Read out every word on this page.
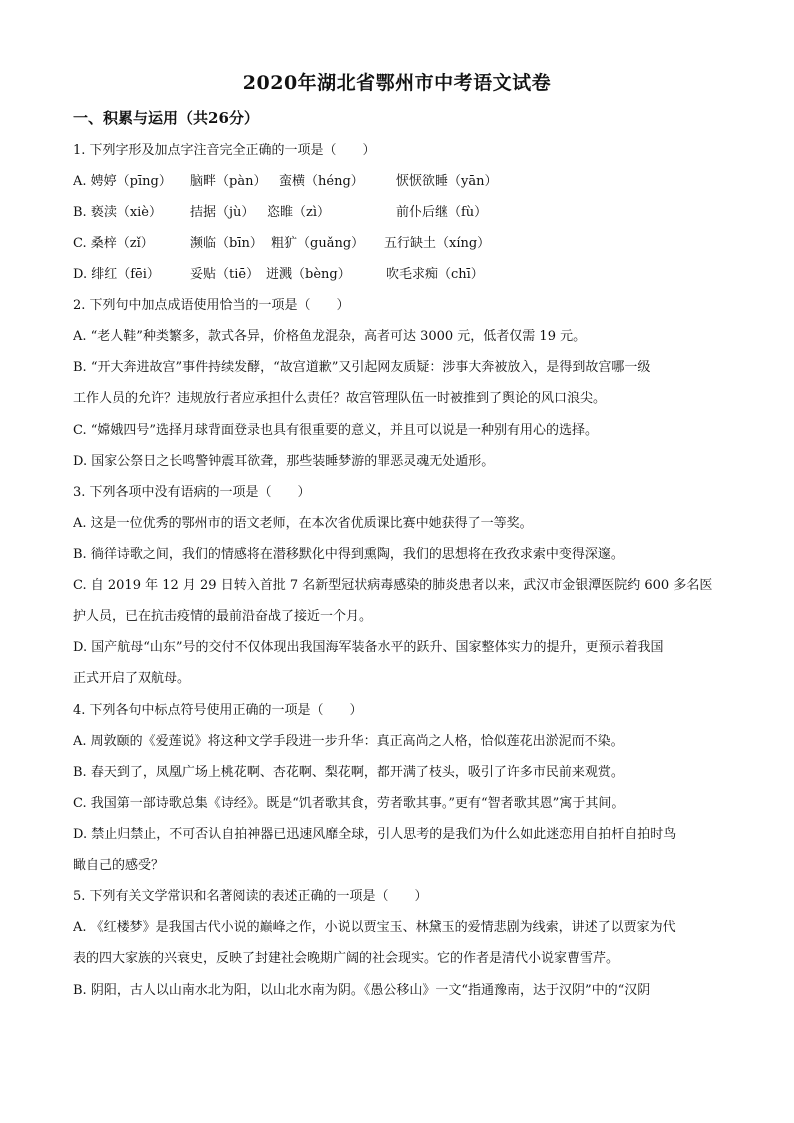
2020年湖北省鄂州市中考语文试卷
一、积累与运用（共26分）
1. 下列字形及加点字注音完全正确的一项是（　　）
A. 娉婷（pīng） 脑畔（pàn） 蛮横（héng） 恹恹欲睡（yān）
B. 亵渎（xiè） 拮据（jù） 恣睢（zì）	前仆后继（fù）
C. 桑梓（zǐ）	濒临（bīn） 粗犷（guǎng） 五行缺土（xíng）
D. 绯红（fēi） 妥贴（tiē） 迸溅（bèng）	吹毛求痴（chī）
2. 下列句中加点成语使用恰当的一项是（　　）
A. “老人鞋”种类繁多，款式各异，价格鱼龙混杂，高者可达 3000 元，低者仅需 19 元。
B. “开大奔进故宫”事件持续发酵，“故宫道歉”又引起网友质疑：涉事大奔被放入，是得到故宫哪一级
工作人员的允许？违规放行者应承担什么责任？故宫管理队伍一时被推到了舆论的风口浪尖。
C. “嫦娥四号”选择月球背面登录也具有很重要的意义，并且可以说是一种别有用心的选择。
D. 国家公祭日之长鸣警钟震耳欲聋，那些装睡梦游的罪恶灵魂无处遁形。
3. 下列各项中没有语病的一项是（　　）
A. 这是一位优秀的鄂州市的语文老师，在本次省优质课比赛中她获得了一等奖。
B. 徜徉诗歌之间，我们的情感将在潜移默化中得到熏陶，我们的思想将在孜孜求索中变得深邃。
C. 自 2019 年 12 月 29 日转入首批 7 名新型冠状病毒感染的肺炎患者以来，武汉市金银潭医院约 600 多名医
护人员，已在抗击疫情的最前沿奋战了接近一个月。
D. 国产航母“山东”号的交付不仅体现出我国海军装备水平的跃升、国家整体实力的提升，更预示着我国
正式开启了双航母。
4. 下列各句中标点符号使用正确的一项是（　　）
A. 周敦颐的《爱莲说》将这种文学手段进一步升华：真正高尚之人格，恰似莲花出淤泥而不染。
B. 春天到了，凤凰广场上桃花啊、杏花啊、梨花啊，都开满了枝头，吸引了许多市民前来观赏。
C. 我国第一部诗歌总集《诗经》。既是“饥者歌其食，劳者歌其事。”更有“智者歌其恩”寓于其间。
D. 禁止归禁止，不可否认自拍神器已迅速风靡全球，引人思考的是我们为什么如此迷恋用自拍杆自拍时鸟
瞰自己的感受？
5. 下列有关文学常识和名著阅读的表述正确的一项是（　　）
A. 《红楼梦》是我国古代小说的巅峰之作，小说以贾宝玉、林黛玉的爱情悲剧为线索，讲述了以贾家为代
表的四大家族的兴衰史，反映了封建社会晚期广阔的社会现实。它的作者是清代小说家曹雪芹。
B. 阴阳，古人以山南水北为阳，以山北水南为阴。《愚公移山》一文“指通豫南，达于汉阴”中的“汉阴
